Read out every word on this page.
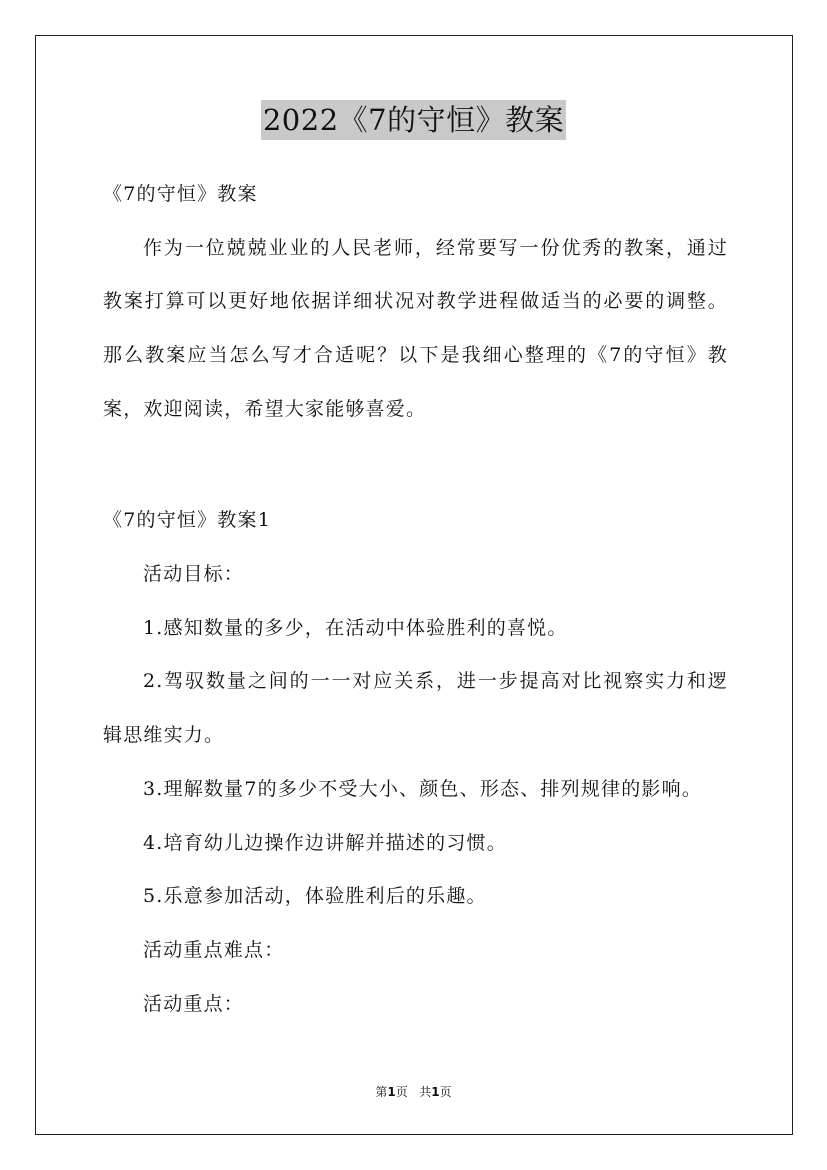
2022《7的守恒》教案
《7的守恒》教案
作为一位兢兢业业的人民老师，经常要写一份优秀的教案，通过
教案打算可以更好地依据详细状况对教学进程做适当的必要的调整。
那么教案应当怎么写才合适呢？以下是我细心整理的《7的守恒》教
案，欢迎阅读，希望大家能够喜爱。
《7的守恒》教案1
活动目标：
1.感知数量的多少，在活动中体验胜利的喜悦。
2.驾驭数量之间的一一对应关系，进一步提高对比视察实力和逻
辑思维实力。
3.理解数量7的多少不受大小、颜色、形态、排列规律的影响。
4.培育幼儿边操作边讲解并描述的习惯。
5.乐意参加活动，体验胜利后的乐趣。
活动重点难点：
活动重点：
第1页 共1页
